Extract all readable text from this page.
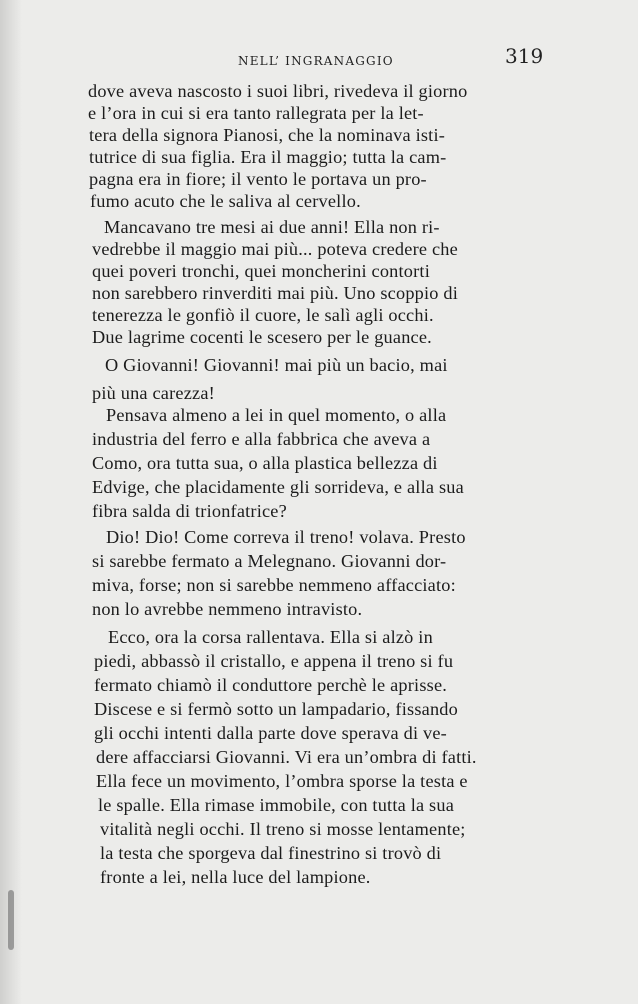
NELL’ INGRANAGGIO	319
dove aveva nascosto i suoi libri, rivedeva il giorno
e l’ora in cui si era tanto rallegrata per la let-
tera della signora Pianosi, che la nominava isti-
tutrice di sua figlia. Era il maggio; tutta la cam-
pagna era in fiore; il vento le portava un pro-
fumo acuto che le saliva al cervello.
Mancavano tre mesi ai due anni! Ella non ri-
vedrebbe il maggio mai più... poteva credere che
quei poveri tronchi, quei moncherini contorti
non sarebbero rinverditi mai più. Uno scoppio di
tenerezza le gonfiò il cuore, le salì agli occhi.
Due lagrime cocenti le scesero per le guance.
O Giovanni! Giovanni! mai più un bacio, mai
più una carezza!
Pensava almeno a lei in quel momento, o alla
industria del ferro e alla fabbrica che aveva a
Como, ora tutta sua, o alla plastica bellezza di
Edvige, che placidamente gli sorrideva, e alla sua
fibra salda di trionfatrice?
Dio! Dio! Come correva il treno! volava. Presto
si sarebbe fermato a Melegnano. Giovanni dor-
miva, forse; non si sarebbe nemmeno affacciato:
non lo avrebbe nemmeno intravisto.
Ecco, ora la corsa rallentava. Ella si alzò in
piedi, abbassò il cristallo, e appena il treno si fu
fermato chiamò il conduttore perchè le aprisse.
Discese e si fermò sotto un lampadario, fissando
gli occhi intenti dalla parte dove sperava di ve-
dere affacciarsi Giovanni. Vi era un’ombra di fatti.
Ella fece un movimento, l’ombra sporse la testa e
le spalle. Ella rimase immobile, con tutta la sua
vitalità negli occhi. Il treno si mosse lentamente;
la testa che sporgeva dal finestrino si trovò di
fronte a lei, nella luce del lampione.
